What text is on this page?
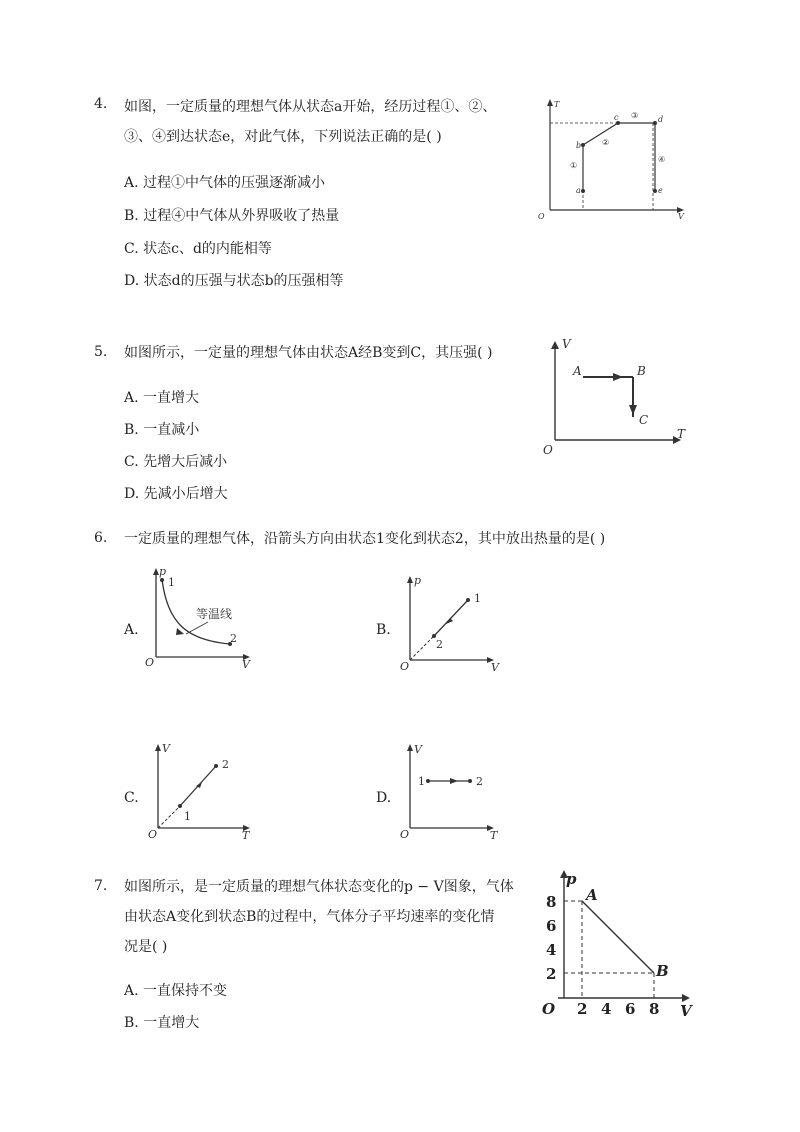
4. 如图，一定质量的理想气体从状态a开始，经历过程①、②、
③、④到达状态e，对此气体，下列说法正确的是( )
A. 过程①中气体的压强逐渐减小
B. 过程④中气体从外界吸收了热量
C. 状态c、d的内能相等
D. 状态d的压强与状态b的压强相等
T
V
O
a
b
c	d
e
①
②
③
④
5. 如图所示，一定量的理想气体由状态A经B变到C，其压强( )
A. 一直增大
B. 一直减小
C. 先增大后减小
D. 先减小后增大
V
T
O
A	B
C
6. 一定质量的理想气体，沿箭头方向由状态1变化到状态2，其中放出热量的是( )
A.
p
V
O
1
2
等温线
B.
p
V
O
1
2
C.
V
T
O
1
2
D.
V
T
O
1	2
7. 如图所示，是一定质量的理想气体状态变化的p − V图象，气体
由状态A变化到状态B的过程中，气体分子平均速率的变化情
况是( )
A. 一直保持不变
B. 一直增大
p
V
O
8
6
4
2
2 4 6 8
A
B
